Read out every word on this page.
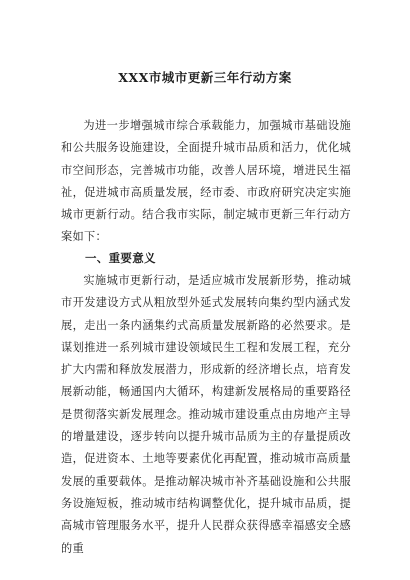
XXX市城市更新三年行动方案
为进一步增强城市综合承载能力，加强城市基础设施和公共服务设施建设，全面提升城市品质和活力，优化城市空间形态，完善城市功能，改善人居环境，增进民生福祉，促进城市高质量发展，经市委、市政府研究决定实施城市更新行动。结合我市实际，制定城市更新三年行动方案如下：
一、重要意义
实施城市更新行动，是适应城市发展新形势，推动城市开发建设方式从粗放型外延式发展转向集约型内涵式发展，走出一条内涵集约式高质量发展新路的必然要求。是谋划推进一系列城市建设领域民生工程和发展工程，充分扩大内需和释放发展潜力，形成新的经济增长点，培育发展新动能，畅通国内大循环，构建新发展格局的重要路径是贯彻落实新发展理念。推动城市建设重点由房地产主导的增量建设，逐步转向以提升城市品质为主的存量提质改造，促进资本、土地等要素优化再配置，推动城市高质量发展的重要载体。是推动解决城市补齐基础设施和公共服务设施短板，推动城市结构调整优化，提升城市品质，提高城市管理服务水平，提升人民群众获得感幸福感安全感的重
